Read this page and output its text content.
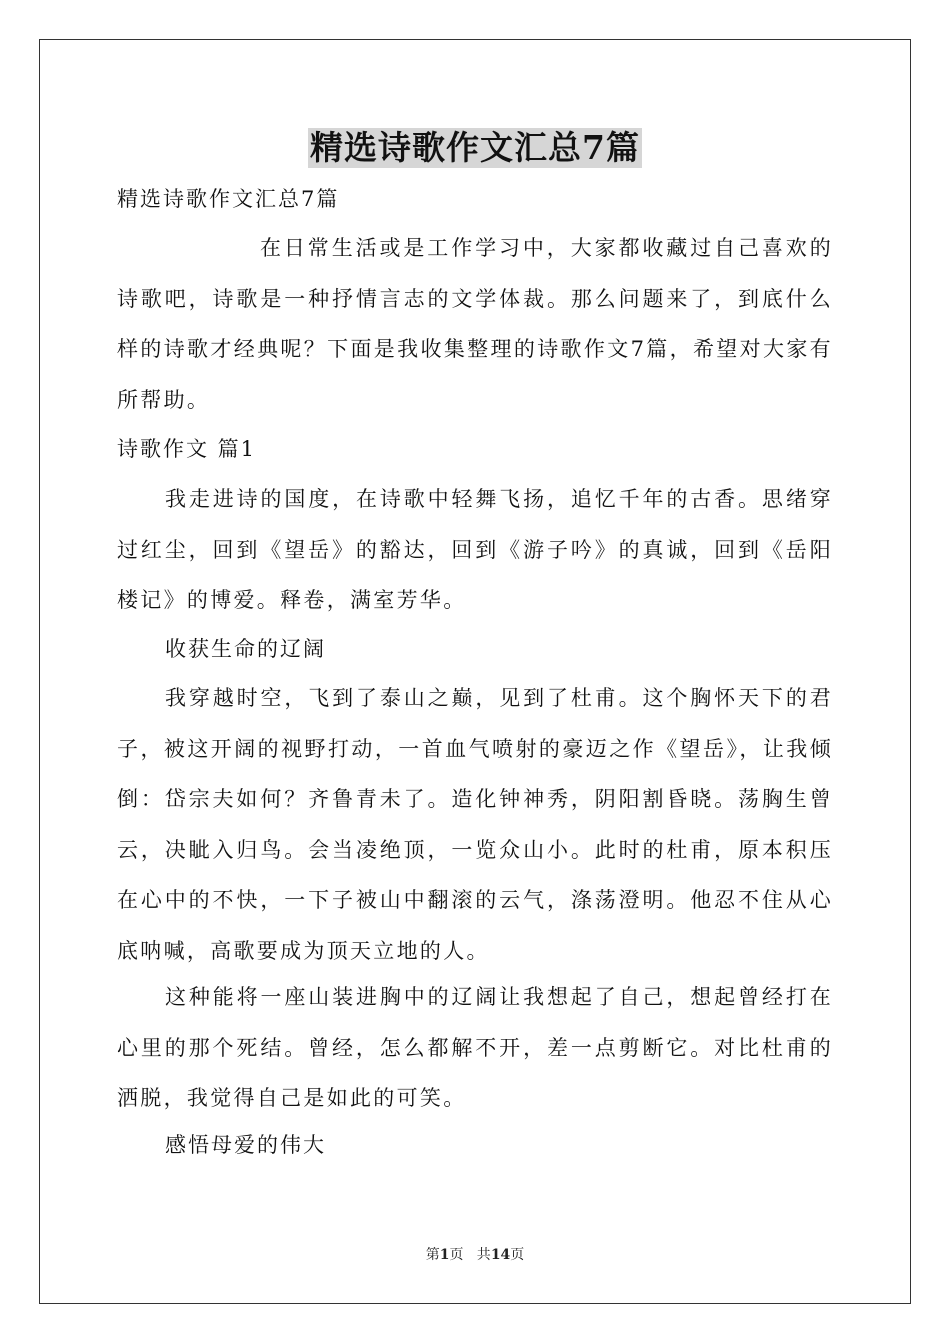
精选诗歌作文汇总7篇

精选诗歌作文汇总7篇

在日常生活或是工作学习中，大家都收藏过自己喜欢的诗歌吧，诗歌是一种抒情言志的文学体裁。那么问题来了，到底什么样的诗歌才经典呢？下面是我收集整理的诗歌作文7篇，希望对大家有所帮助。

诗歌作文 篇1

我走进诗的国度，在诗歌中轻舞飞扬，追忆千年的古香。思绪穿过红尘，回到《望岳》的豁达，回到《游子吟》的真诚，回到《岳阳楼记》的博爱。释卷，满室芳华。

收获生命的辽阔

我穿越时空，飞到了泰山之巅，见到了杜甫。这个胸怀天下的君子，被这开阔的视野打动，一首血气喷射的豪迈之作《望岳》，让我倾倒：岱宗夫如何？齐鲁青未了。造化钟神秀，阴阳割昏晓。荡胸生曾云，决眦入归鸟。会当凌绝顶，一览众山小。此时的杜甫，原本积压在心中的不快，一下子被山中翻滚的云气，涤荡澄明。他忍不住从心底呐喊，高歌要成为顶天立地的人。

这种能将一座山装进胸中的辽阔让我想起了自己，想起曾经打在心里的那个死结。曾经，怎么都解不开，差一点剪断它。对比杜甫的洒脱，我觉得自己是如此的可笑。

感悟母爱的伟大

第1页   共14页
